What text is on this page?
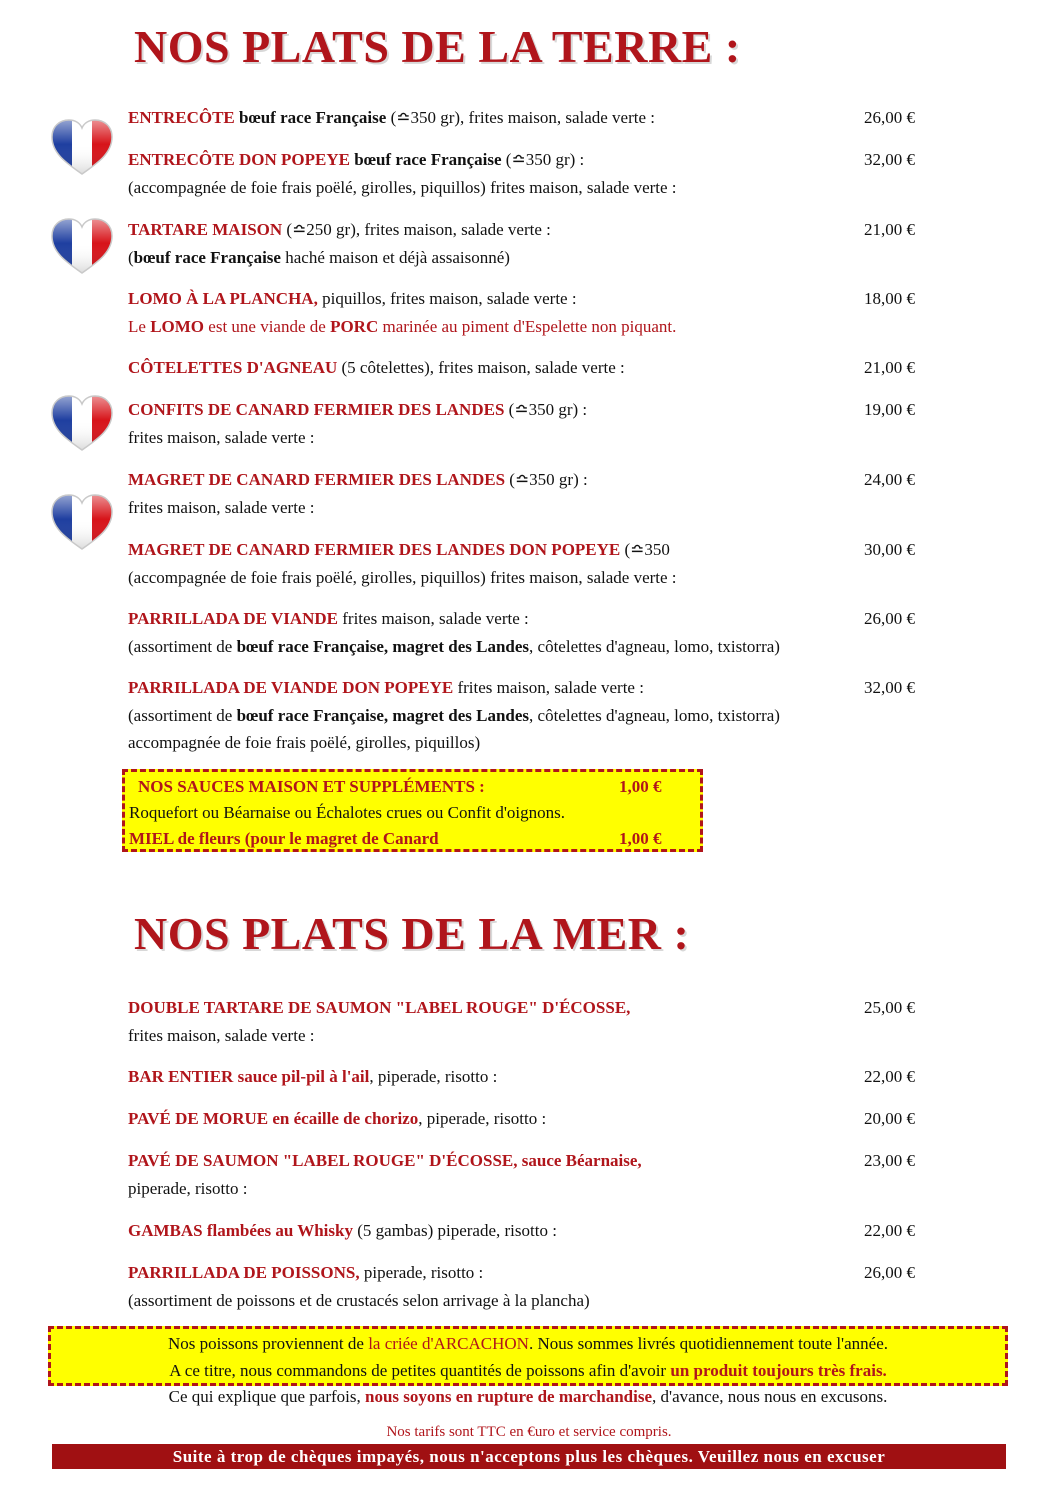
NOS PLATS DE LA TERRE :
ENTRECÔTE bœuf race Française (≏350 gr), frites maison, salade verte :	26,00 €
ENTRECÔTE DON POPEYE bœuf race Française (≏350 gr) :	32,00 €
(accompagnée de foie frais poëlé, girolles, piquillos) frites maison, salade verte :
TARTARE MAISON (≏250 gr), frites maison, salade verte :	21,00 €
(bœuf race Française haché maison et déjà assaisonné)
LOMO À LA PLANCHA, piquillos, frites maison, salade verte :	18,00 €
Le LOMO est une viande de PORC marinée au piment d'Espelette non piquant.
CÔTELETTES D'AGNEAU (5 côtelettes), frites maison, salade verte :	21,00 €
CONFITS DE CANARD FERMIER DES LANDES (≏350 gr) :	19,00 €
frites maison, salade verte :
MAGRET DE CANARD FERMIER DES LANDES (≏350 gr) :	24,00 €
frites maison, salade verte :
MAGRET DE CANARD FERMIER DES LANDES DON POPEYE (≏350	30,00 €
(accompagnée de foie frais poëlé, girolles, piquillos) frites maison, salade verte :
PARRILLADA DE VIANDE frites maison, salade verte :	26,00 €
(assortiment de bœuf race Française, magret des Landes, côtelettes d'agneau, lomo, txistorra)
PARRILLADA DE VIANDE DON POPEYE frites maison, salade verte :	32,00 €
(assortiment de bœuf race Française, magret des Landes, côtelettes d'agneau, lomo, txistorra)
accompagnée de foie frais poëlé, girolles, piquillos)
NOS SAUCES MAISON ET SUPPLÉMENTS :	1,00 €
Roquefort ou Béarnaise ou Échalotes crues ou Confit d'oignons.
MIEL de fleurs (pour le magret de Canard	1,00 €
NOS PLATS DE LA MER :
DOUBLE TARTARE DE SAUMON "LABEL ROUGE" D'ÉCOSSE,	25,00 €
frites maison, salade verte :
BAR ENTIER sauce pil-pil à l'ail, piperade, risotto :	22,00 €
PAVÉ DE MORUE en écaille de chorizo, piperade, risotto :	20,00 €
PAVÉ DE SAUMON "LABEL ROUGE" D'ÉCOSSE, sauce Béarnaise,	23,00 €
piperade, risotto :
GAMBAS flambées au Whisky (5 gambas) piperade, risotto :	22,00 €
PARRILLADA DE POISSONS, piperade, risotto :	26,00 €
(assortiment de poissons et de crustacés selon arrivage à la plancha)
Nos poissons proviennent de la criée d'ARCACHON. Nous sommes livrés quotidiennement toute l'année.
A ce titre, nous commandons de petites quantités de poissons afin d'avoir un produit toujours très frais.
Ce qui explique que parfois, nous soyons en rupture de marchandise, d'avance, nous nous en excusons.
Nos tarifs sont TTC en €uro et service compris.
Suite à trop de chèques impayés, nous n'acceptons plus les chèques. Veuillez nous en excuser
